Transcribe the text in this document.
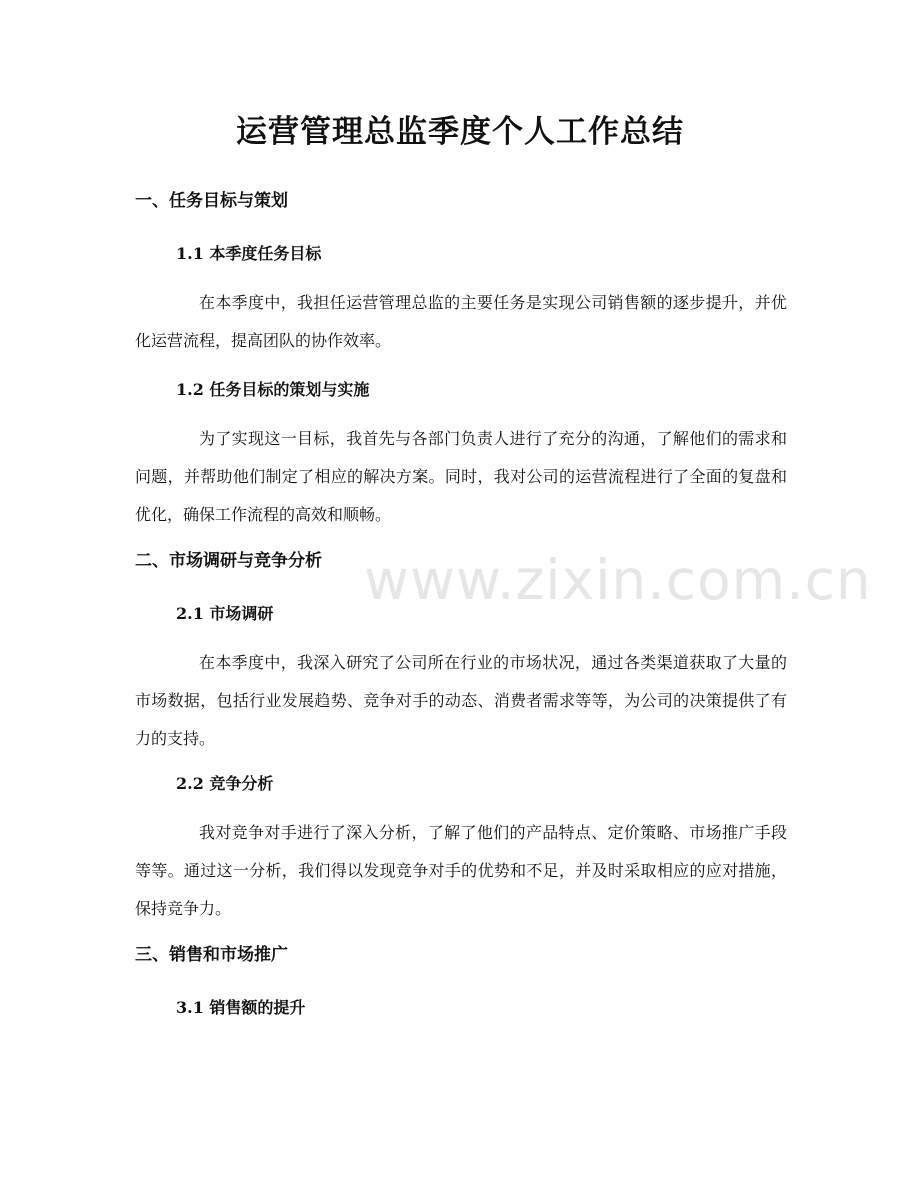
运营管理总监季度个人工作总结
一、任务目标与策划
1.1 本季度任务目标

在本季度中，我担任运营管理总监的主要任务是实现公司销售额的逐步提升，并优化运营流程，提高团队的协作效率。

1.2 任务目标的策划与实施

为了实现这一目标，我首先与各部门负责人进行了充分的沟通，了解他们的需求和问题，并帮助他们制定了相应的解决方案。同时，我对公司的运营流程进行了全面的复盘和优化，确保工作流程的高效和顺畅。

二、市场调研与竞争分析
2.1 市场调研

在本季度中，我深入研究了公司所在行业的市场状况，通过各类渠道获取了大量的市场数据，包括行业发展趋势、竞争对手的动态、消费者需求等等，为公司的决策提供了有力的支持。

2.2 竞争分析

我对竞争对手进行了深入分析，了解了他们的产品特点、定价策略、市场推广手段等等。通过这一分析，我们得以发现竞争对手的优势和不足，并及时采取相应的应对措施，保持竞争力。

三、销售和市场推广
3.1 销售额的提升
www.zixin.com.cn
